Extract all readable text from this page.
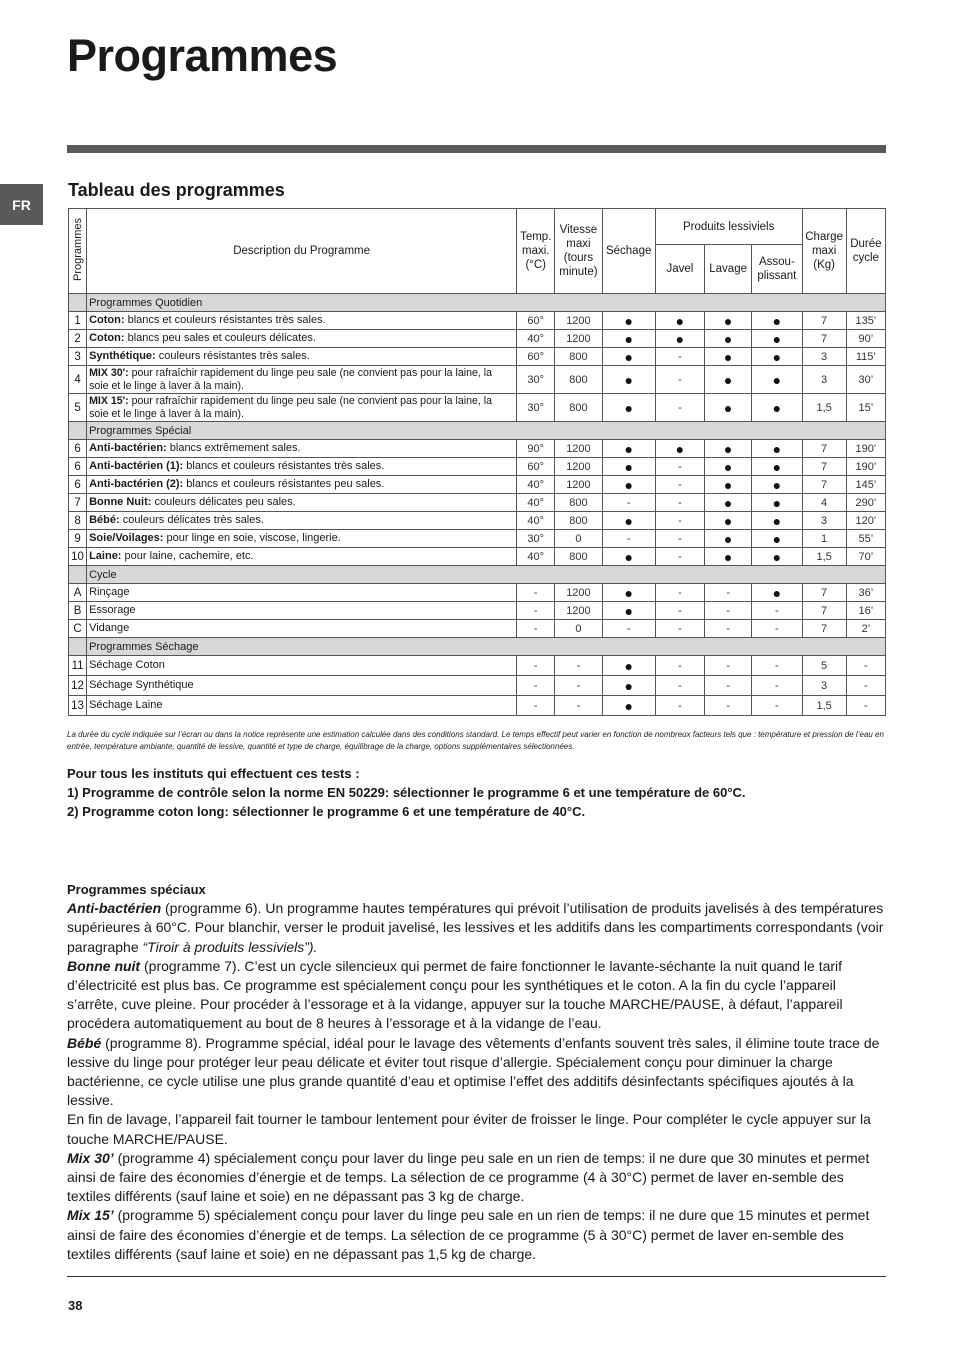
Programmes
FR
Tableau des programmes
Programmes	Description du Programme	Temp. maxi. (°C)	Vitesse maxi (tours minute)	Séchage	Produits lessiviels			Charge maxi (Kg)	Durée cycle
					Javel	Lavage	Assou-plissant		
	Programmes Quotidien								
1	Coton: blancs et couleurs résistantes très sales.	60°	1200	●	●	●	●	7	135’
2	Coton: blancs peu sales et couleurs délicates.	40°	1200	●	●	●	●	7	90’
3	Synthétique: couleurs résistantes très sales.	60°	800	●	-	●	●	3	115’
4	MIX 30': pour rafraîchir rapidement du linge peu sale (ne convient pas pour la laine, la soie et le linge à laver à la main).	30°	800	●	-	●	●	3	30’
5	MIX 15': pour rafraîchir rapidement du linge peu sale (ne convient pas pour la laine, la soie et le linge à laver à la main).	30°	800	●	-	●	●	1,5	15’
	Programmes Spécial								
6	Anti-bactérien: blancs extrêmement sales.	90°	1200	●	●	●	●	7	190’
6	Anti-bactérien (1): blancs et couleurs résistantes très sales.	60°	1200	●	-	●	●	7	190’
6	Anti-bactérien (2): blancs et couleurs résistantes peu sales.	40°	1200	●	-	●	●	7	145’
7	Bonne Nuit: couleurs délicates peu sales.	40°	800	-	-	●	●	4	290’
8	Bébé: couleurs délicates très sales.	40°	800	●	-	●	●	3	120’
9	Soie/Voilages: pour linge en soie, viscose, lingerie.	30°	0	-	-	●	●	1	55’
10	Laine: pour laine, cachemire, etc.	40°	800	●	-	●	●	1,5	70’
	Cycle								
A	Rinçage	-	1200	●	-	-	●	7	36’
B	Essorage	-	1200	●	-	-	-	7	16’
C	Vidange	-	0	-	-	-	-	7	2’
	Programmes Séchage								
11	Séchage Coton	-	-	●	-	-	-	5	-
12	Séchage Synthétique	-	-	●	-	-	-	3	-
13	Séchage Laine	-	-	●	-	-	-	1,5	-

La durée du cycle indiquée sur l’écran ou dans la notice représente une estimation calculée dans des conditions standard. Le temps effectif peut varier en fonction de nombreux facteurs tels que : température et pression de l’eau en entrée, température ambiante, quantité de lessive, quantité et type de charge, équilibrage de la charge, options supplémentaires sélectionnées.

Pour tous les instituts qui effectuent ces tests :

1) Programme de contrôle selon la norme EN 50229: sélectionner le programme 6 et une température de 60°C.

2) Programme coton long: sélectionner le programme 6 et une température de 40°C.

Programmes spéciaux

Anti-bactérien (programme 6). Un programme hautes températures qui prévoit l’utilisation de produits javelisés à des températures supérieures à 60°C. Pour blanchir, verser le produit javelisé, les lessives et les additifs dans les compartiments correspondants (voir paragraphe “Tiroir à produits lessiviels”).

Bonne nuit (programme 7). C’est un cycle silencieux qui permet de faire fonctionner le lavante-séchante la nuit quand le tarif d’électricité est plus bas. Ce programme est spécialement conçu pour les synthétiques et le coton. A la fin du cycle l’appareil s’arrête, cuve pleine. Pour procéder à l’essorage et à la vidange, appuyer sur la touche MARCHE/PAUSE, à défaut, l’appareil procédera automatiquement au bout de 8 heures à l’essorage et à la vidange de l’eau.

Bébé (programme 8). Programme spécial, idéal pour le lavage des vêtements d’enfants souvent très sales, il élimine toute trace de lessive du linge pour protéger leur peau délicate et éviter tout risque d’allergie. Spécialement conçu pour diminuer la charge bactérienne, ce cycle utilise une plus grande quantité d’eau et optimise l’effet des additifs désinfectants spécifiques ajoutés à la lessive.

En fin de lavage, l’appareil fait tourner le tambour lentement pour éviter de froisser le linge. Pour compléter le cycle appuyer sur la touche MARCHE/PAUSE.

Mix 30’ (programme 4) spécialement conçu pour laver du linge peu sale en un rien de temps: il ne dure que 30 minutes et permet ainsi de faire des économies d’énergie et de temps. La sélection de ce programme (4 à 30°C) permet de laver en-semble des textiles différents (sauf laine et soie) en ne dépassant pas 3 kg de charge.

Mix 15’ (programme 5) spécialement conçu pour laver du linge peu sale en un rien de temps: il ne dure que 15 minutes et permet ainsi de faire des économies d’énergie et de temps. La sélection de ce programme (5 à 30°C) permet de laver en-semble des textiles différents (sauf laine et soie) en ne dépassant pas 1,5 kg de charge.

38
